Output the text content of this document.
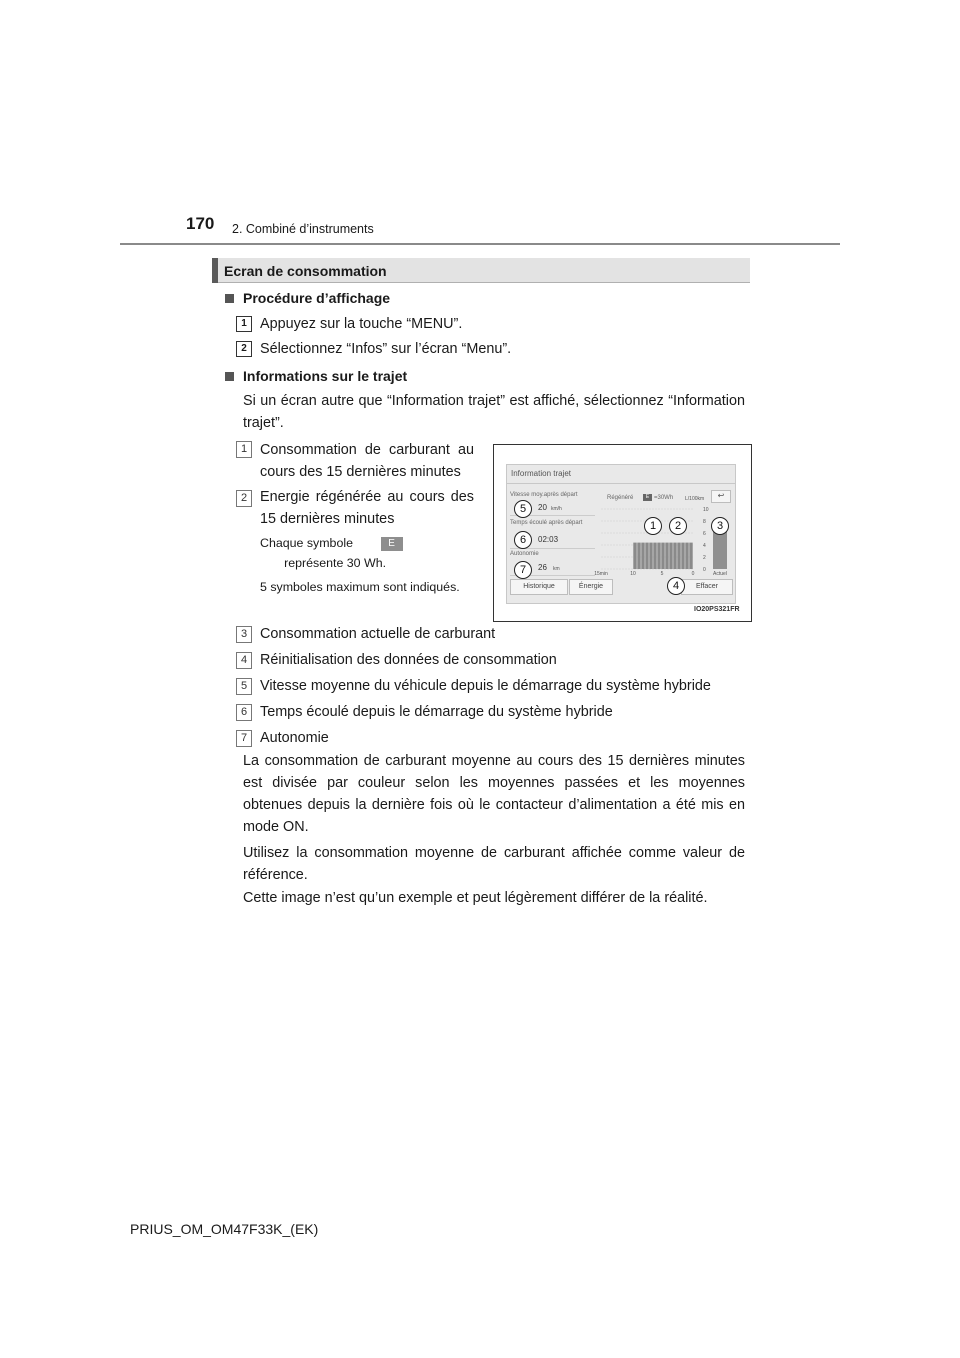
170 2. Combiné d’instruments
Ecran de consommation
Procédure d’affichage
1 Appuyez sur la touche “MENU”.
2 Sélectionnez “Infos” sur l’écran “Menu”.
Informations sur le trajet
Si un écran autre que “Information trajet” est affiché, sélectionnez “Information trajet”.
1 Consommation de carburant au cours des 15 dernières minutes
2 Energie régénérée au cours des 15 dernières minutes
Chaque symbole	E       représente 30 Wh.
5 symboles maximum sont indiqués.
Information trajet
↩
Vitesse moy.après départ
20 km/h
Temps écoulé après départ
02:03
Autonomie
26 km
Régénéré	E =30Wh L/100km
10
8
6
4
2
0
15min	10	5	0	Actuel
Historique	Énergie	Effacer
1	2	3
4
5
6
7
IO20PS321FR
3 Consommation actuelle de carburant
4 Réinitialisation des données de consommation
5 Vitesse moyenne du véhicule depuis le démarrage du système hybride
6 Temps écoulé depuis le démarrage du système hybride
7 Autonomie
La consommation de carburant moyenne au cours des 15 dernières minutes est divisée par couleur selon les moyennes passées et les moyennes obtenues depuis la dernière fois où le contacteur d’alimentation a été mis en mode ON.
Utilisez la consommation moyenne de carburant affichée comme valeur de référence.
Cette image n’est qu’un exemple et peut légèrement différer de la réalité.
PRIUS_OM_OM47F33K_(EK)
